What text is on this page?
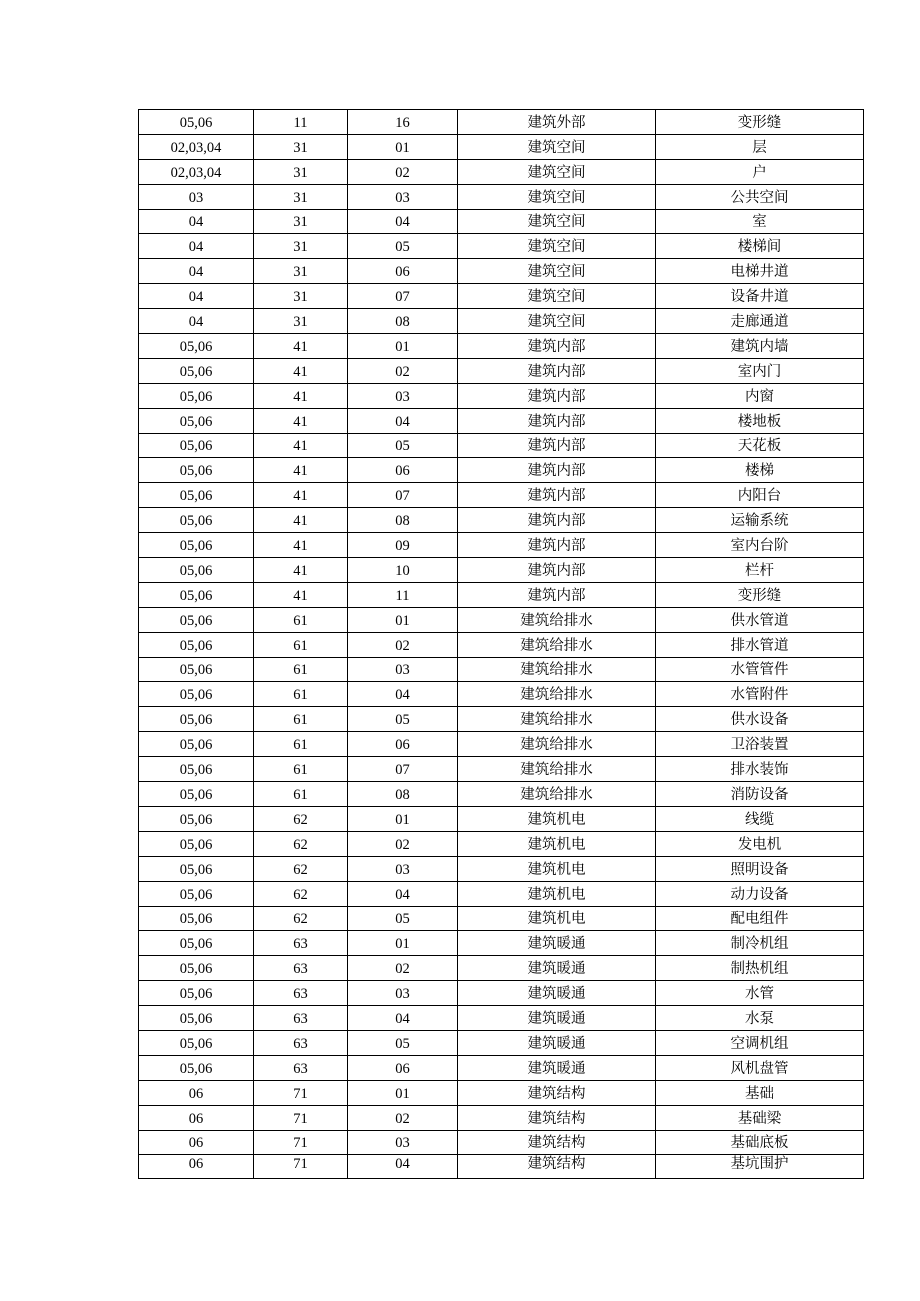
05,06	11	16	建筑外部	变形缝
02,03,04	31	01	建筑空间	层
02,03,04	31	02	建筑空间	户
03	31	03	建筑空间	公共空间
04	31	04	建筑空间	室
04	31	05	建筑空间	楼梯间
04	31	06	建筑空间	电梯井道
04	31	07	建筑空间	设备井道
04	31	08	建筑空间	走廊通道
05,06	41	01	建筑内部	建筑内墙
05,06	41	02	建筑内部	室内门
05,06	41	03	建筑内部	内窗
05,06	41	04	建筑内部	楼地板
05,06	41	05	建筑内部	天花板
05,06	41	06	建筑内部	楼梯
05,06	41	07	建筑内部	内阳台
05,06	41	08	建筑内部	运输系统
05,06	41	09	建筑内部	室内台阶
05,06	41	10	建筑内部	栏杆
05,06	41	11	建筑内部	变形缝
05,06	61	01	建筑给排水	供水管道
05,06	61	02	建筑给排水	排水管道
05,06	61	03	建筑给排水	水管管件
05,06	61	04	建筑给排水	水管附件
05,06	61	05	建筑给排水	供水设备
05,06	61	06	建筑给排水	卫浴装置
05,06	61	07	建筑给排水	排水装饰
05,06	61	08	建筑给排水	消防设备
05,06	62	01	建筑机电	线缆
05,06	62	02	建筑机电	发电机
05,06	62	03	建筑机电	照明设备
05,06	62	04	建筑机电	动力设备
05,06	62	05	建筑机电	配电组件
05,06	63	01	建筑暖通	制冷机组
05,06	63	02	建筑暖通	制热机组
05,06	63	03	建筑暖通	水管
05,06	63	04	建筑暖通	水泵
05,06	63	05	建筑暖通	空调机组
05,06	63	06	建筑暖通	风机盘管
06	71	01	建筑结构	基础
06	71	02	建筑结构	基础梁
06	71	03	建筑结构	基础底板
06	71	04	建筑结构	基坑围护
